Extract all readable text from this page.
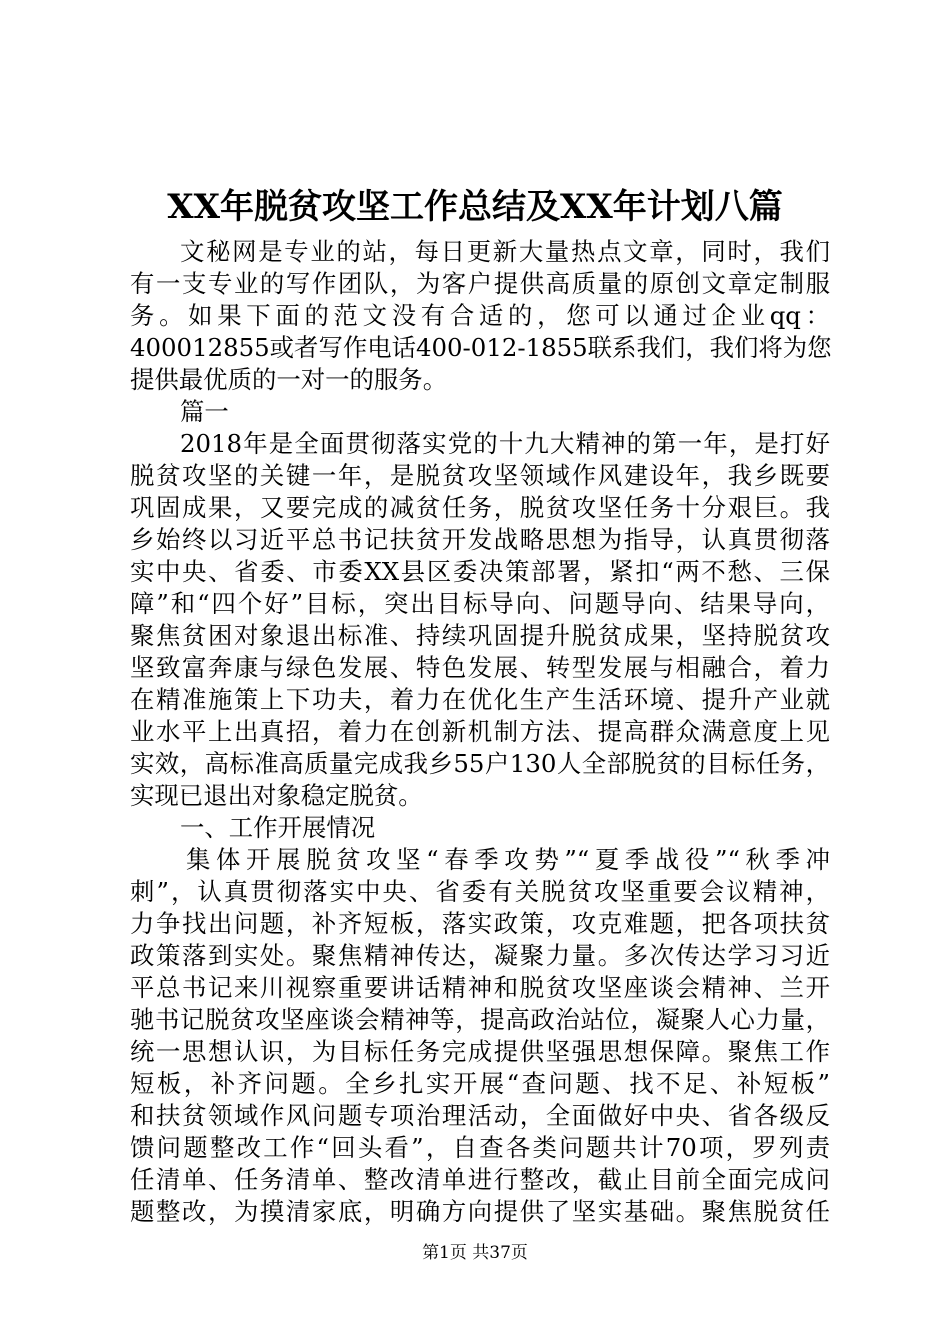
XX年脱贫攻坚工作总结及XX年计划八篇
文秘网是专业的站，每日更新大量热点文章，同时，我们
有一支专业的写作团队，为客户提供高质量的原创文章定制服
务。如果下面的范文没有合适的，您可以通过企业qq：
400012855或者写作电话400-012-1855联系我们，我们将为您
提供最优质的一对一的服务。
篇一
2018年是全面贯彻落实党的十九大精神的第一年，是打好
脱贫攻坚的关键一年，是脱贫攻坚领域作风建设年，我乡既要
巩固成果，又要完成的减贫任务，脱贫攻坚任务十分艰巨。我
乡始终以习近平总书记扶贫开发战略思想为指导，认真贯彻落
实中央、省委、市委XX县区委决策部署，紧扣“两不愁、三保
障”和“四个好”目标，突出目标导向、问题导向、结果导向，
聚焦贫困对象退出标准、持续巩固提升脱贫成果，坚持脱贫攻
坚致富奔康与绿色发展、特色发展、转型发展与相融合，着力
在精准施策上下功夫，着力在优化生产生活环境、提升产业就
业水平上出真招，着力在创新机制方法、提高群众满意度上见
实效，高标准高质量完成我乡55户130人全部脱贫的目标任务，
实现已退出对象稳定脱贫。
一、工作开展情况
集体开展脱贫攻坚“春季攻势”“夏季战役”“秋季冲
刺”，认真贯彻落实中央、省委有关脱贫攻坚重要会议精神，
力争找出问题，补齐短板，落实政策，攻克难题，把各项扶贫
政策落到实处。聚焦精神传达，凝聚力量。多次传达学习习近
平总书记来川视察重要讲话精神和脱贫攻坚座谈会精神、兰开
驰书记脱贫攻坚座谈会精神等，提高政治站位，凝聚人心力量，
统一思想认识，为目标任务完成提供坚强思想保障。聚焦工作
短板，补齐问题。全乡扎实开展“查问题、找不足、补短板”
和扶贫领域作风问题专项治理活动，全面做好中央、省各级反
馈问题整改工作“回头看”，自查各类问题共计70项，罗列责
任清单、任务清单、整改清单进行整改，截止目前全面完成问
题整改，为摸清家底，明确方向提供了坚实基础。聚焦脱贫任
第1页 共37页
